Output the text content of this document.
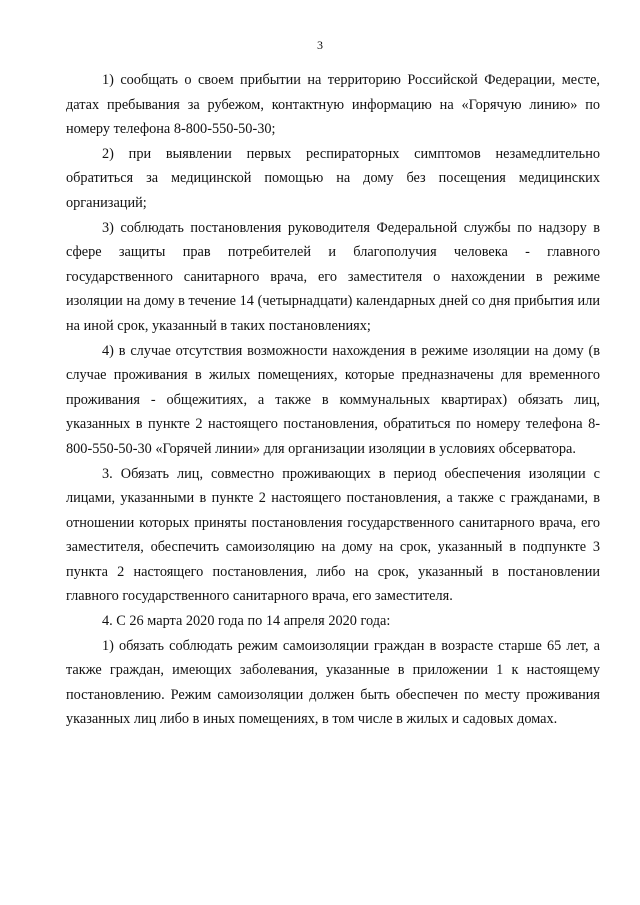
3

1) сообщать о своем прибытии на территорию Российской Федерации, месте, датах пребывания за рубежом, контактную информацию на «Горячую линию» по номеру телефона 8-800-550-50-30;

2) при выявлении первых респираторных симптомов незамедлительно обратиться за медицинской помощью на дому без посещения медицинских организаций;

3) соблюдать постановления руководителя Федеральной службы по надзору в сфере защиты прав потребителей и благополучия человека - главного государственного санитарного врача, его заместителя о нахождении в режиме изоляции на дому в течение 14 (четырнадцати) календарных дней со дня прибытия или на иной срок, указанный в таких постановлениях;

4) в случае отсутствия возможности нахождения в режиме изоляции на дому (в случае проживания в жилых помещениях, которые предназначены для временного проживания - общежитиях, а также в коммунальных квартирах) обязать лиц, указанных в пункте 2 настоящего постановления, обратиться по номеру телефона 8-800-550-50-30 «Горячей линии» для организации изоляции в условиях обсерватора.

3. Обязать лиц, совместно проживающих в период обеспечения изоляции с лицами, указанными в пункте 2 настоящего постановления, а также с гражданами, в отношении которых приняты постановления государственного санитарного врача, его заместителя, обеспечить самоизоляцию на дому на срок, указанный в подпункте 3 пункта 2 настоящего постановления, либо на срок, указанный в постановлении главного государственного санитарного врача, его заместителя.

4. С 26 марта 2020 года по 14 апреля 2020 года:

1) обязать соблюдать режим самоизоляции граждан в возрасте старше 65 лет, а также граждан, имеющих заболевания, указанные в приложении 1 к настоящему постановлению. Режим самоизоляции должен быть обеспечен по месту проживания указанных лиц либо в иных помещениях, в том числе в жилых и садовых домах.
